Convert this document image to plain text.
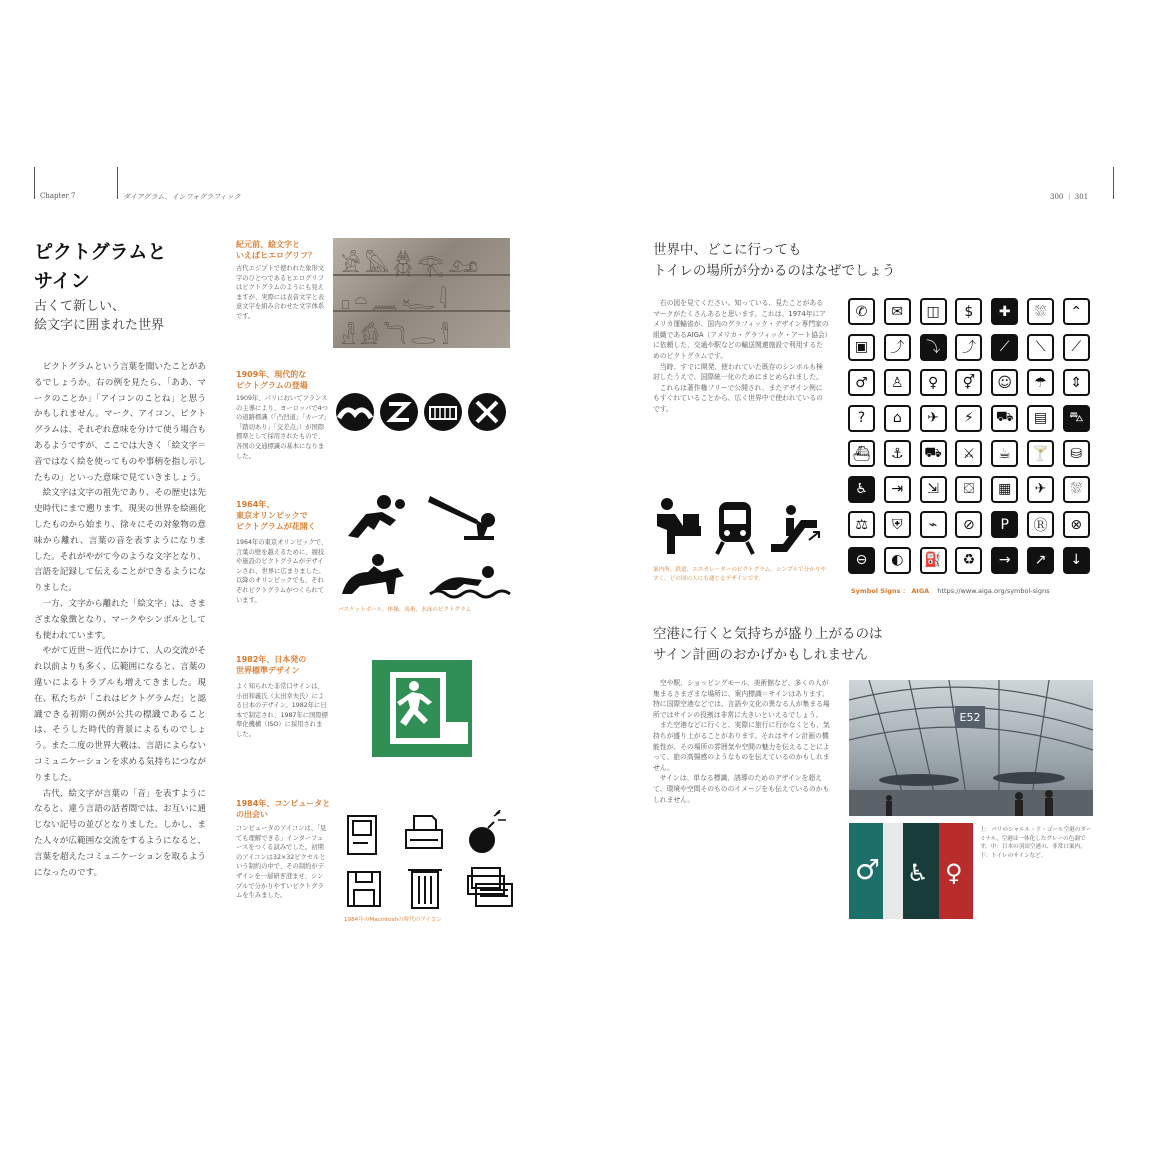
Chapter 7	ダイアグラム、インフォグラフィック	300 ｜ 301
ピクトグラムと
サイン
古くて新しい、
絵文字に囲まれた世界
　ピクトグラムという言葉を聞いたことがあるでしょうか。右の例を見たら、「ああ、マークのことか」「アイコンのことね」と思うかもしれません。マーク、アイコン、ピクトグラムは、それぞれ意味を分けて使う場合もあるようですが、ここでは大きく「絵文字＝音ではなく絵を使ってものや事柄を指し示したもの」といった意味で見ていきましょう。
　絵文字は文字の祖先であり、その歴史は先史時代にまで遡ります。現実の世界を絵画化したものから始まり、徐々にその対象物の意味から離れ、言葉の音を表すようになりました。それがやがて今のような文字となり、言語を記録して伝えることができるようになりました。
　一方、文字から離れた「絵文字」は、さまざまな象徴となり、マークやシンボルとしても使われています。
　やがて近世〜近代にかけて、人の交流がそれ以前よりも多く、広範囲になると、言葉の違いによるトラブルも増えてきました。現在、私たちが「これはピクトグラムだ」と認識できる初期の例が公共の標識であることは、そうした時代的背景によるものでしょう。また二度の世界大戦は、言語によらないコミュニケーションを求める気持ちにつながりました。
　古代、絵文字が言葉の「音」を表すようになると、違う言語の話者間では、お互いに通じない記号の並びとなりました。しかし、また人々が広範囲な交流をするようになると、言葉を超えたコミュニケーションを取るようになったのです。
紀元前、絵文字と
いえばヒエログリフ？
古代エジプトで使われた象形文字のひとつであるヒエログリフはピクトグラムのようにも見えますが、実際には表音文字と表意文字を組み合わせた文字体系です。
𓀀𓅓𓆣𓂀𓃭
𓊪𓏏𓈖𓆑𓇋
𓁐𓀁𓆓𓂋𓀾
1909年、現代的な
ピクトグラムの登場
1909年、パリにおいてフランスの主導により、ヨーロッパで4つの道路標識（「凸凹道」「カーブ」「踏切あり」「交差点」）が国際標準として採用されたもので、各国の交通標識の基本になりました。
1964年、
東京オリンピックで
ピクトグラムが花開く
1964年の東京オリンピックで、言葉の壁を越えるために、競技や施設のピクトグラムがデザインされ、世界に広まりました。以降のオリンピックでも、それぞれピクトグラムがつくられています。
バスケットボール、体操、馬術、水泳のピクトグラム
1982年、日本発の
世界標準デザイン
よく知られた非常口サインは、小田和義氏（太田幸夫氏）による日本のデザイン。1982年に日本で制定され、1987年に国際標準化機構（ISO）に採用されました。
1984年、コンピュータと
の出会い
コンピュータのアイコンは、「見ても理解できる」インターフェースをつくる試みでした。初期のアイコンは32×32ピクセルという制約の中で、その制約がデザインを一層研ぎ澄ませ、シンプルで分かりやすいピクトグラムを生みました。
1984年のMacintoshの時代のアイコン
世界中、どこに行っても
トイレの場所が分かるのはなぜでしょう
　右の図を見てください。知っている、見たことがあるマークがたくさんあると思います。これは、1974年にアメリカ運輸省が、国内のグラフィック・デザイン専門家の組織であるAIGA（アメリカ・グラフィック・アート協会）に依頼した、交通や駅などの輸送関連施設で利用するためのピクトグラムです。
　当時、すでに開発、使われていた既存のシンボルも検討したうえで、国際統一化のためにまとめられました。
　これらは著作権フリーで公開され、またデザイン例にもすぐれていることから、広く世界中で使われているのです。
案内所、鉄道、エスカレーターのピクトグラム。シンプルで分かりやすく、どの国の人にも通じるデザインです。
✆	✉	◫	$	✚	⛆	⌃
▣	⤴	⤵	⤴	⟋	⟍	⟋
♂	♙	♀	⚥	☺	☂	⇕
?	⌂	✈	⚡	⛟	▤	⛍
⛴	⚓	⛟	⚔	☕	🍸	⛁
♿	⇥	⇲	⛋	▦	✈	⛆
⚖	⛨	⌁	⊘	P	Ⓡ	⊗
⊖	◐	⛽	♻	→	↗	↓
Symbol Signs ： AIGA https://www.aiga.org/symbol-signs
空港に行くと気持ちが盛り上がるのは
サイン計画のおかげかもしれません
　空や駅、ショッピングモール、美術館など、多くの人が集まるさまざまな場所に、案内標識＝サインはあります。特に国際空港などでは、言語や文化の異なる人が集まる場所ではサインの役割は非常に大きいといえるでしょう。
　また空港などに行くと、実際に旅行に行かなくとも、気持ちが盛り上がることがあります。それはサイン計画の機能性が、その場所の雰囲気や空間の魅力を伝えることによって、旅の高揚感のようなものを伝えているのかもしれません。
　サインは、単なる標識、誘導のためのデザインを超えて、環境や空間そのもののイメージをも伝えているのかもしれません。
E52
♂ ♿ ♀
上：パリのシャルル・ド・ゴール空港のターミナル。空港は一体化したグレーの色調です。中：日本の羽田空港の、非常口案内。下：トイレのサインなど。
